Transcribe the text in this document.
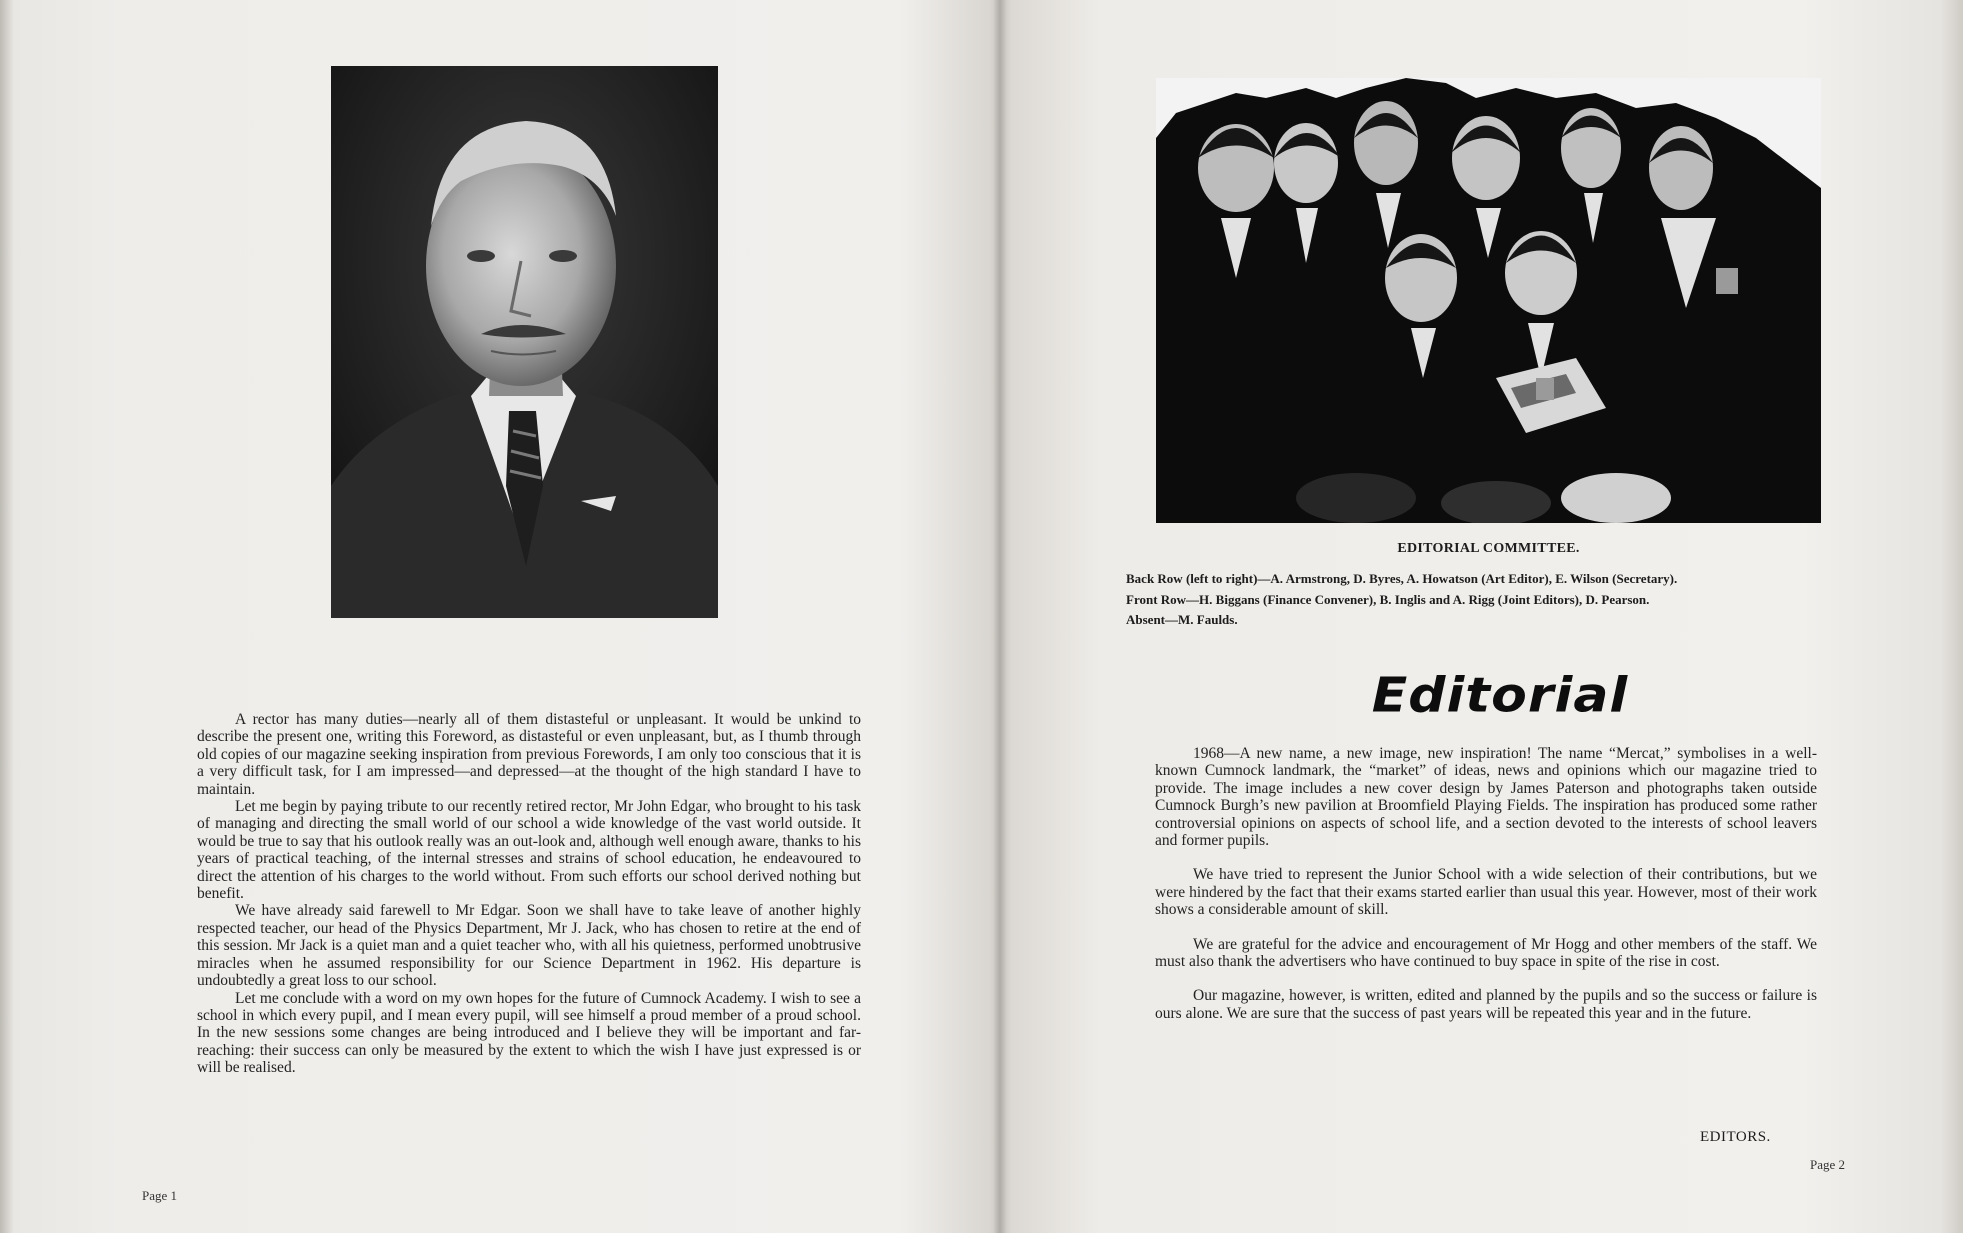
A rector has many duties—nearly all of them distasteful or unpleasant. It would be unkind to describe the present one, writing this Foreword, as distasteful or even unpleasant, but, as I thumb through old copies of our magazine seeking inspiration from previous Forewords, I am only too conscious that it is a very difficult task, for I am impressed—and depressed—at the thought of the high standard I have to maintain.

Let me begin by paying tribute to our recently retired rector, Mr John Edgar, who brought to his task of managing and directing the small world of our school a wide knowledge of the vast world outside. It would be true to say that his outlook really was an out-look and, although well enough aware, thanks to his years of practical teaching, of the internal stresses and strains of school education, he endeavoured to direct the attention of his charges to the world without. From such efforts our school derived nothing but benefit.

We have already said farewell to Mr Edgar. Soon we shall have to take leave of another highly respected teacher, our head of the Physics Department, Mr J. Jack, who has chosen to retire at the end of this session. Mr Jack is a quiet man and a quiet teacher who, with all his quietness, performed unobtrusive miracles when he assumed responsibility for our Science Department in 1962. His departure is undoubtedly a great loss to our school.

Let me conclude with a word on my own hopes for the future of Cumnock Academy. I wish to see a school in which every pupil, and I mean every pupil, will see himself a proud member of a proud school. In the new sessions some changes are being introduced and I believe they will be important and far-reaching: their success can only be measured by the extent to which the wish I have just expressed is or will be realised.

Page 1
EDITORIAL COMMITTEE.
Back Row (left to right)—A. Armstrong, D. Byres, A. Howatson (Art Editor), E. Wilson (Secretary).
Front Row—H. Biggans (Finance Convener), B. Inglis and A. Rigg (Joint Editors), D. Pearson.
Absent—M. Faulds.
Editorial

1968—A new name, a new image, new inspiration! The name “Mercat,” symbolises in a well-known Cumnock landmark, the “market” of ideas, news and opinions which our magazine tried to provide. The image includes a new cover design by James Paterson and photographs taken outside Cumnock Burgh’s new pavilion at Broomfield Playing Fields. The inspiration has produced some rather controversial opinions on aspects of school life, and a section devoted to the interests of school leavers and former pupils.

We have tried to represent the Junior School with a wide selection of their contributions, but we were hindered by the fact that their exams started earlier than usual this year. However, most of their work shows a considerable amount of skill.

We are grateful for the advice and encouragement of Mr Hogg and other members of the staff. We must also thank the advertisers who have continued to buy space in spite of the rise in cost.

Our magazine, however, is written, edited and planned by the pupils and so the success or failure is ours alone. We are sure that the success of past years will be repeated this year and in the future.

EDITORS.
Page 2
